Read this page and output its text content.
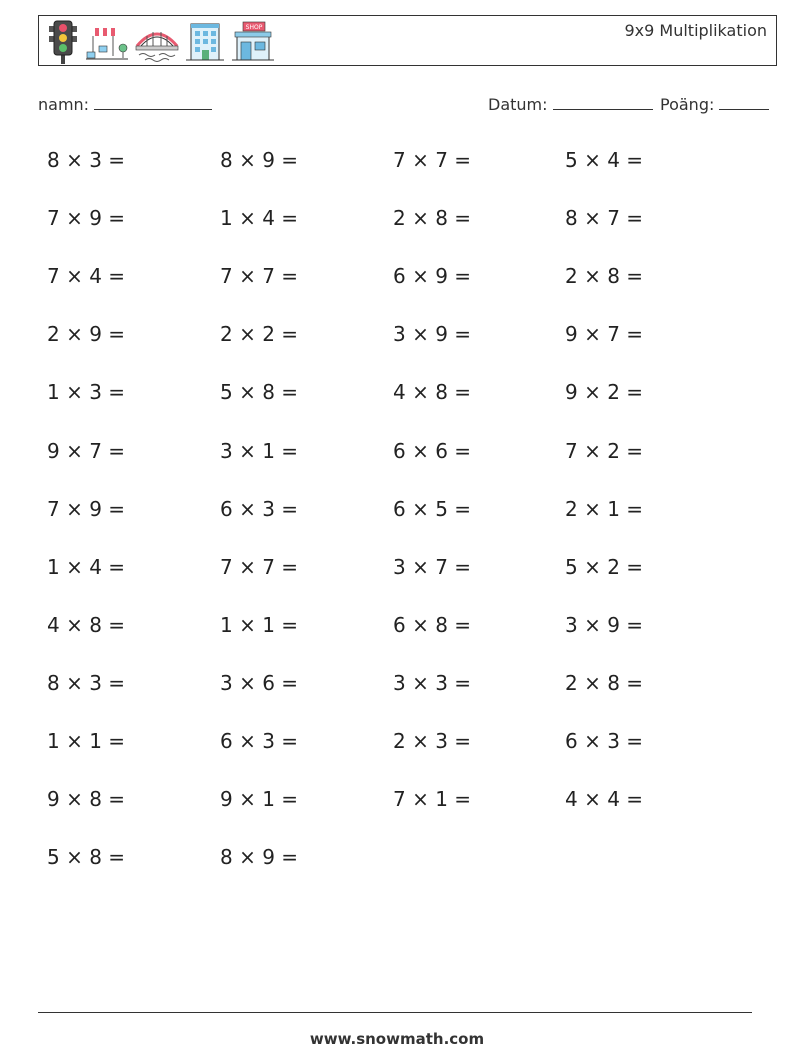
SHOP	9x9 Multiplikation
namn:	Datum:	Poäng:
8 × 3 =	8 × 9 =	7 × 7 =	5 × 4 =
7 × 9 =	1 × 4 =	2 × 8 =	8 × 7 =
7 × 4 =	7 × 7 =	6 × 9 =	2 × 8 =
2 × 9 =	2 × 2 =	3 × 9 =	9 × 7 =
1 × 3 =	5 × 8 =	4 × 8 =	9 × 2 =
9 × 7 =	3 × 1 =	6 × 6 =	7 × 2 =
7 × 9 =	6 × 3 =	6 × 5 =	2 × 1 =
1 × 4 =	7 × 7 =	3 × 7 =	5 × 2 =
4 × 8 =	1 × 1 =	6 × 8 =	3 × 9 =
8 × 3 =	3 × 6 =	3 × 3 =	2 × 8 =
1 × 1 =	6 × 3 =	2 × 3 =	6 × 3 =
9 × 8 =	9 × 1 =	7 × 1 =	4 × 4 =
5 × 8 =	8 × 9 =
www.snowmath.com
